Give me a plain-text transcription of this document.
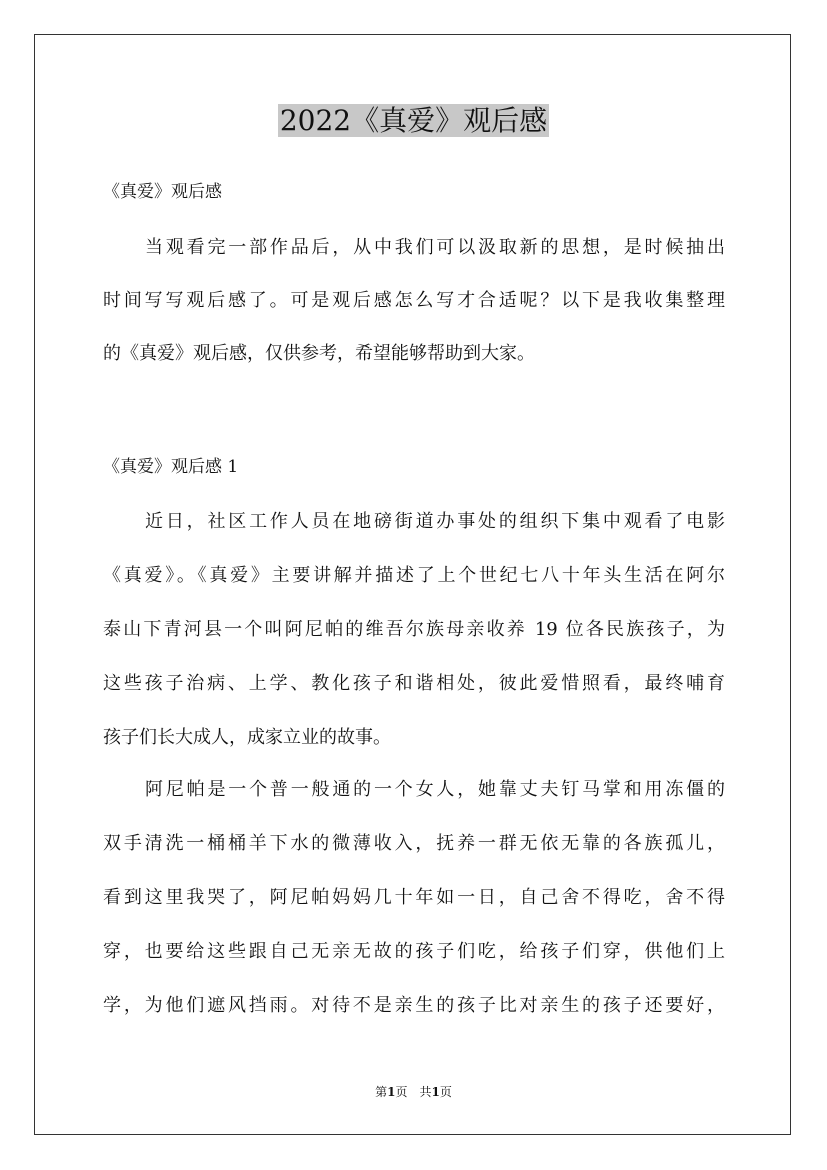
2022《真爱》观后感
《真爱》观后感
当观看完一部作品后，从中我们可以汲取新的思想，是时候抽出
时间写写观后感了。可是观后感怎么写才合适呢？以下是我收集整理
的《真爱》观后感，仅供参考，希望能够帮助到大家。
《真爱》观后感 1
近日，社区工作人员在地磅街道办事处的组织下集中观看了电影
《真爱》。《真爱》主要讲解并描述了上个世纪七八十年头生活在阿尔
泰山下青河县一个叫阿尼帕的维吾尔族母亲收养 19 位各民族孩子，为
这些孩子治病、上学、教化孩子和谐相处，彼此爱惜照看，最终哺育
孩子们长大成人，成家立业的故事。
阿尼帕是一个普一般通的一个女人，她靠丈夫钉马掌和用冻僵的
双手清洗一桶桶羊下水的微薄收入，抚养一群无依无靠的各族孤儿，
看到这里我哭了，阿尼帕妈妈几十年如一日，自己舍不得吃，舍不得
穿，也要给这些跟自己无亲无故的孩子们吃，给孩子们穿，供他们上
学，为他们遮风挡雨。对待不是亲生的孩子比对亲生的孩子还要好，
第1页　共1页
